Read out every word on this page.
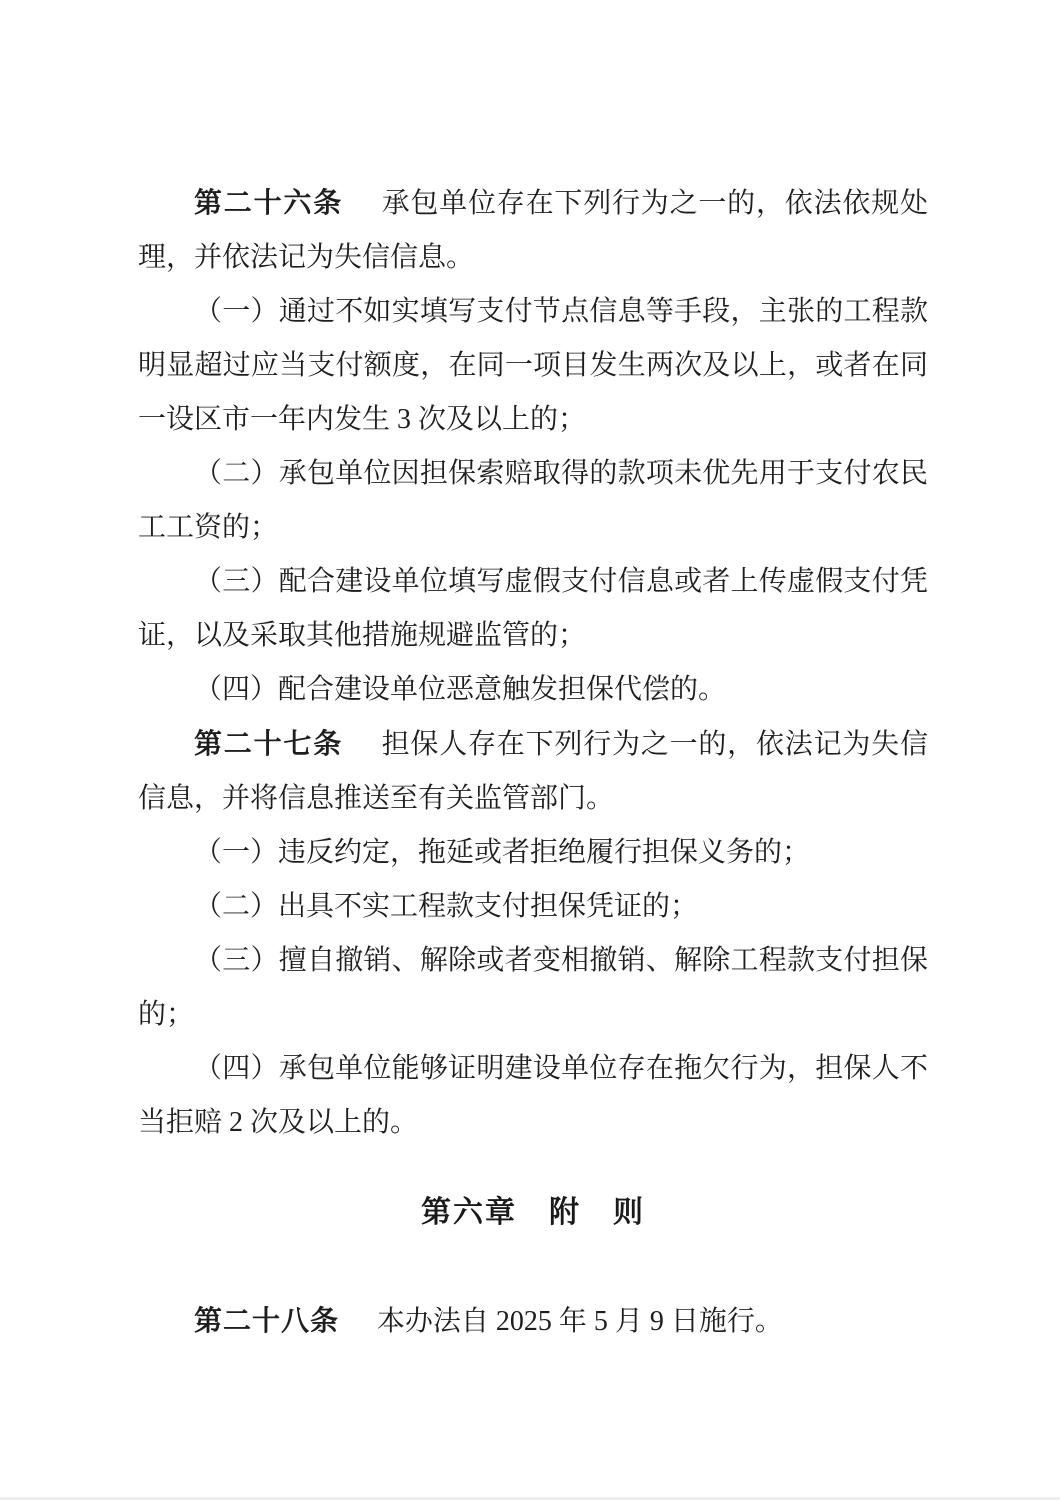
第二十六条　承包单位存在下列行为之一的，依法依规处理，并依法记为失信信息。

（一）通过不如实填写支付节点信息等手段，主张的工程款明显超过应当支付额度，在同一项目发生两次及以上，或者在同一设区市一年内发生 3 次及以上的；

（二）承包单位因担保索赔取得的款项未优先用于支付农民工工资的；

（三）配合建设单位填写虚假支付信息或者上传虚假支付凭证，以及采取其他措施规避监管的；

（四）配合建设单位恶意触发担保代偿的。

第二十七条　担保人存在下列行为之一的，依法记为失信信息，并将信息推送至有关监管部门。

（一）违反约定，拖延或者拒绝履行担保义务的；

（二）出具不实工程款支付担保凭证的；

（三）擅自撤销、解除或者变相撤销、解除工程款支付担保的；

（四）承包单位能够证明建设单位存在拖欠行为，担保人不当拒赔 2 次及以上的。

第六章　附　则

第二十八条　本办法自 2025 年 5 月 9 日施行。
